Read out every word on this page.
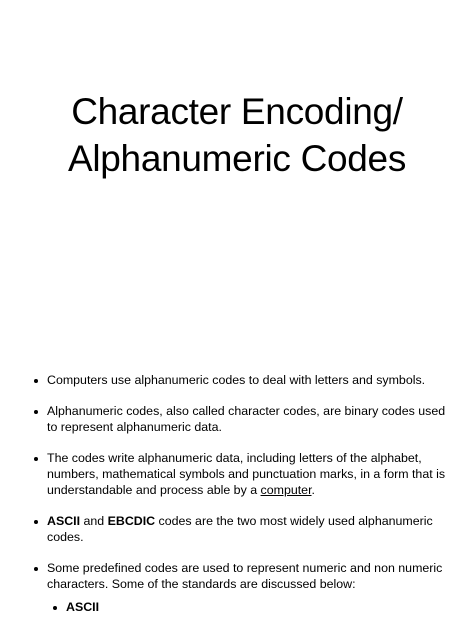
Character Encoding/
Alphanumeric Codes
Computers use alphanumeric codes to deal with letters and symbols.
Alphanumeric codes, also called character codes, are binary codes used to represent alphanumeric data.
The codes write alphanumeric data, including letters of the alphabet, numbers, mathematical symbols and punctuation marks, in a form that is understandable and process able by a computer.
ASCII and EBCDIC codes are the two most widely used alphanumeric codes.
Some predefined codes are used to represent numeric and non numeric characters. Some of the standards are discussed below:
ASCII
